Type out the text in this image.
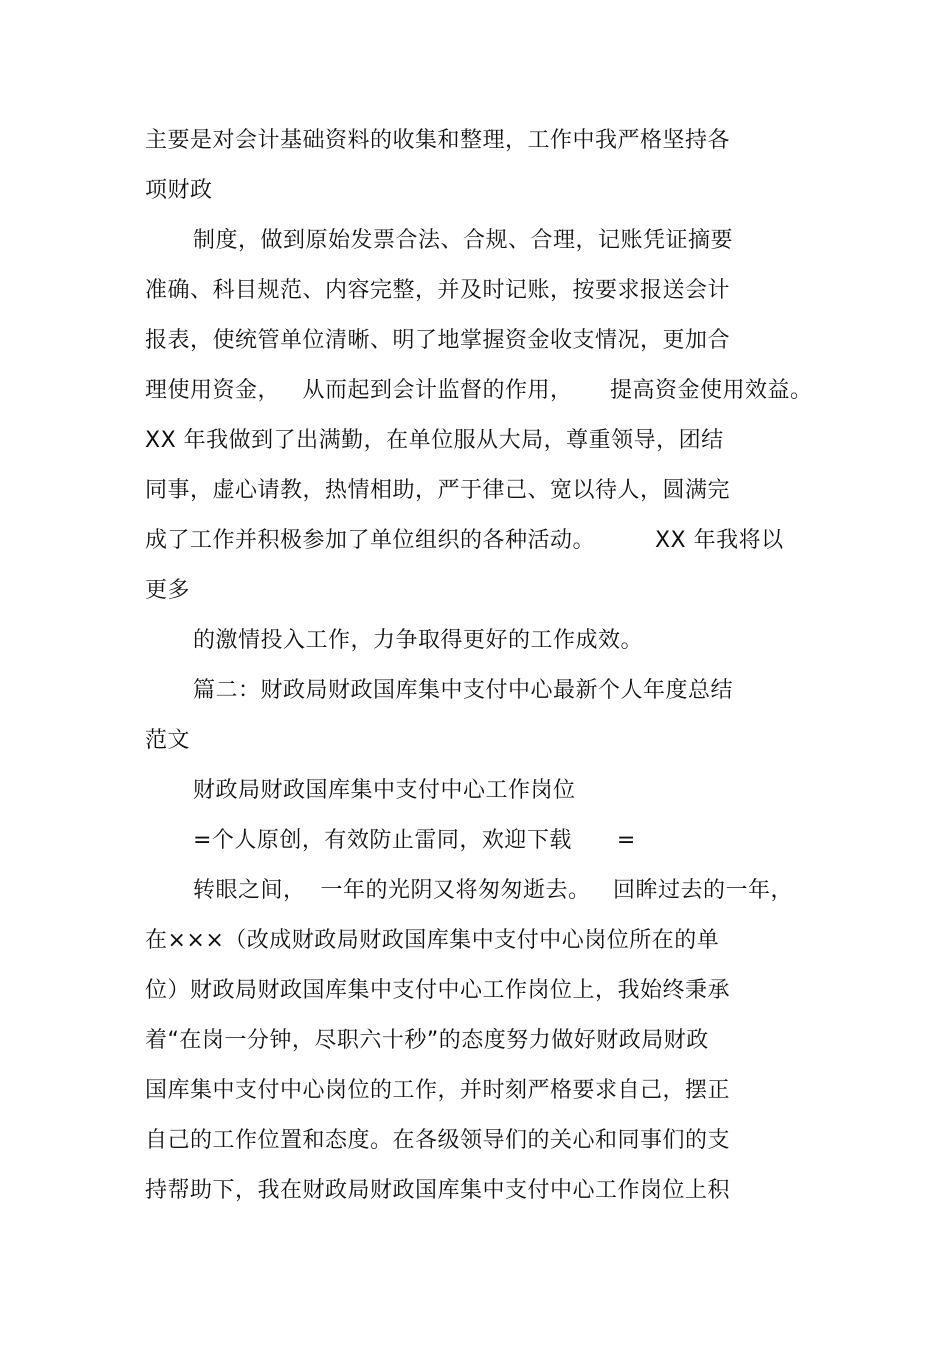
主要是对会计基础资料的收集和整理，工作中我严格坚持各
项财政
制度，做到原始发票合法、合规、合理，记账凭证摘要
准确、科目规范、内容完整，并及时记账，按要求报送会计
报表，使统管单位清晰、明了地掌握资金收支情况，更加合
理使用资金，   从而起到会计监督的作用，     提高资金使用效益。
XX 年我做到了出满勤，在单位服从大局，尊重领导，团结
同事，虚心请教，热情相助，严于律己、宽以待人，圆满完
成了工作并积极参加了单位组织的各种活动。        XX 年我将以
更多
的激情投入工作，力争取得更好的工作成效。
篇二：财政局财政国库集中支付中心最新个人年度总结
范文
财政局财政国库集中支付中心工作岗位
=个人原创，有效防止雷同，欢迎下载      =
转眼之间，  一年的光阴又将匆匆逝去。   回眸过去的一年，
在×××（改成财政局财政国库集中支付中心岗位所在的单
位）财政局财政国库集中支付中心工作岗位上，我始终秉承
着“在岗一分钟，尽职六十秒”的态度努力做好财政局财政
国库集中支付中心岗位的工作，并时刻严格要求自己，摆正
自己的工作位置和态度。在各级领导们的关心和同事们的支
持帮助下，我在财政局财政国库集中支付中心工作岗位上积
